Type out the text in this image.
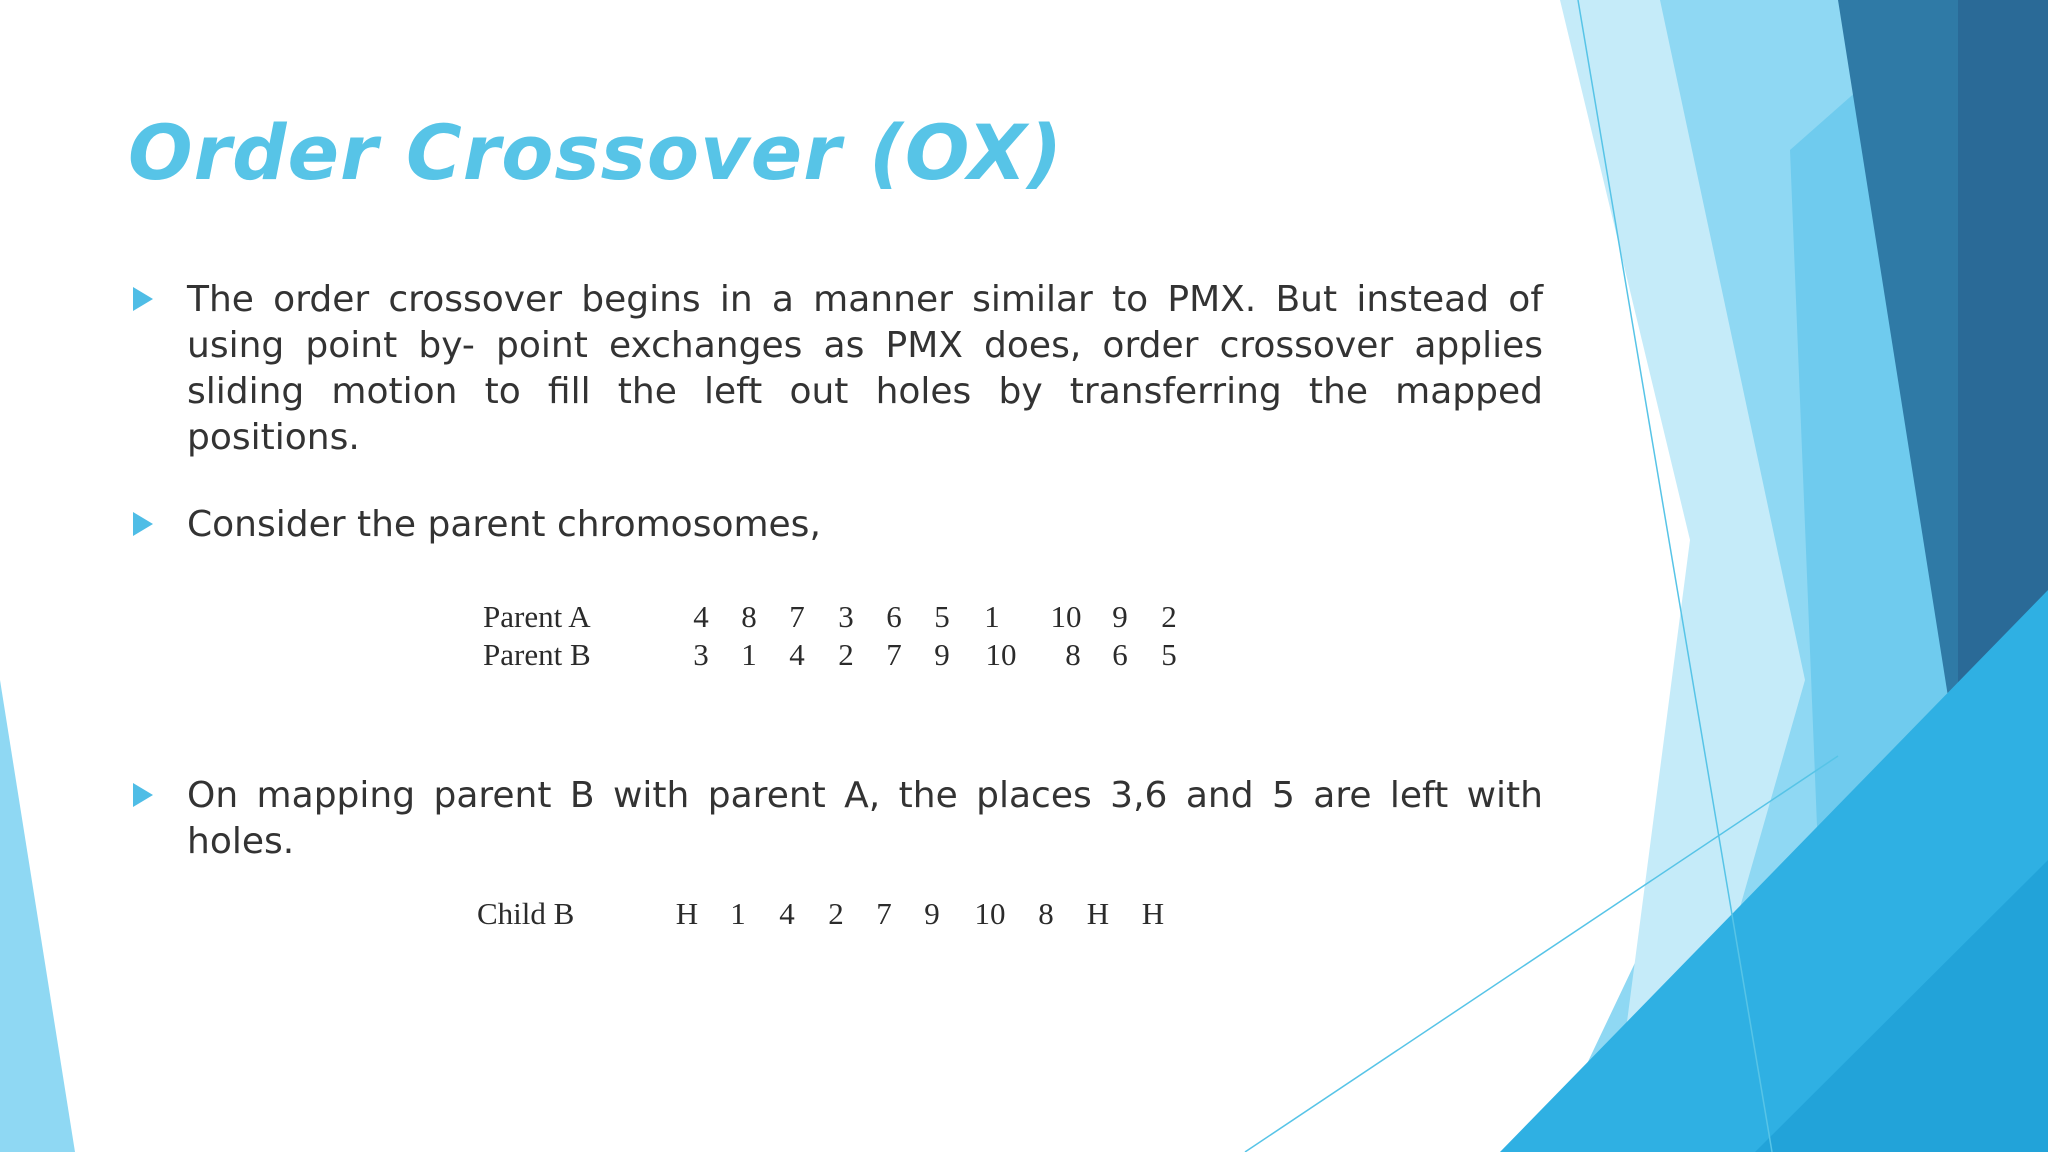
Order Crossover (OX)
The order crossover begins in a manner similar to PMX. But instead of using point by- point exchanges as PMX does, order crossover applies sliding motion to fill the left out holes by transferring the mapped positions.
Consider the parent chromosomes,
On mapping parent B with parent A, the places 3,6 and 5 are left with holes.
Parent A	4 8 7 3 6 5 1 10 9 2
Parent B	3 1 4 2 7 9 10 8 6 5
Child B	H 1 4 2 7 9 10 8 H H
